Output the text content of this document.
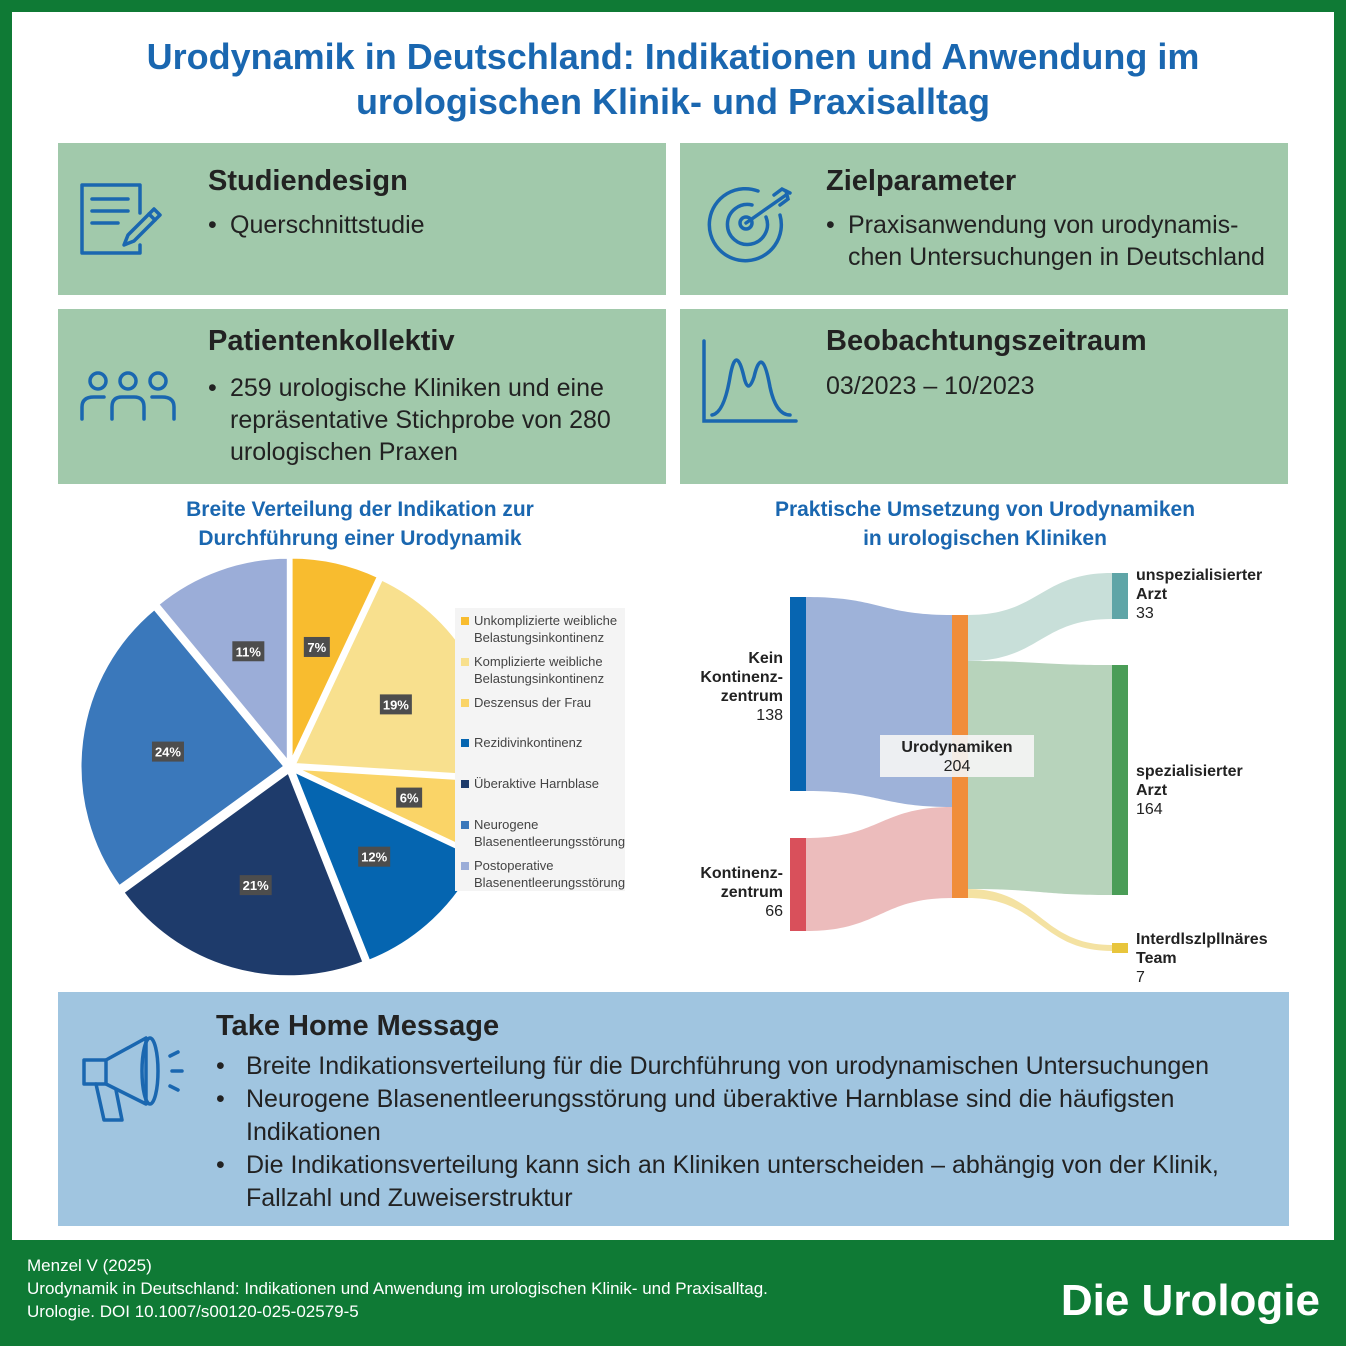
Urodynamik in Deutschland: Indikationen und Anwendung im
urologischen Klinik- und Praxisalltag
Studiendesign
• Querschnittstudie
Zielparameter
• Praxisanwendung von urodynamis-
chen Untersuchungen in Deutschland
Patientenkollektiv
• 259 urologische Kliniken und eine
repräsentative Stichprobe von 280
urologischen Praxen
Beobachtungszeitraum
03/2023 – 10/2023
Breite Verteilung der Indikation zur
Durchführung einer Urodynamik
7%
19%
6%
12%
21%
24%
11%
Unkomplizierte weibliche
Belastungsinkontinenz
Komplizierte weibliche
Belastungsinkontinenz
Deszensus der Frau
Rezidivinkontinenz
Überaktive Harnblase
Neurogene
Blasenentleerungsstörung
Postoperative
Blasenentleerungsstörung
Praktische Umsetzung von Urodynamiken
in urologischen Kliniken
Kein
Kontinenz-
zentrum
138
Kontinenz-
zentrum
66
Urodynamiken
204
unspezialisierter
Arzt
33
spezialisierter
Arzt
164
Interdlszlpllnäres
Team
7
Take Home Message
• Breite Indikationsverteilung für die Durchführung von urodynamischen Untersuchungen
• Neurogene Blasenentleerungsstörung und überaktive Harnblase sind die häufigsten Indikationen
• Die Indikationsverteilung kann sich an Kliniken unterscheiden – abhängig von der Klinik, Fallzahl und Zuweiserstruktur
Menzel V (2025)
Urodynamik in Deutschland: Indikationen und Anwendung im urologischen Klinik- und Praxisalltag.
Urologie. DOI 10.1007/s00120-025-02579-5	Die Urologie
